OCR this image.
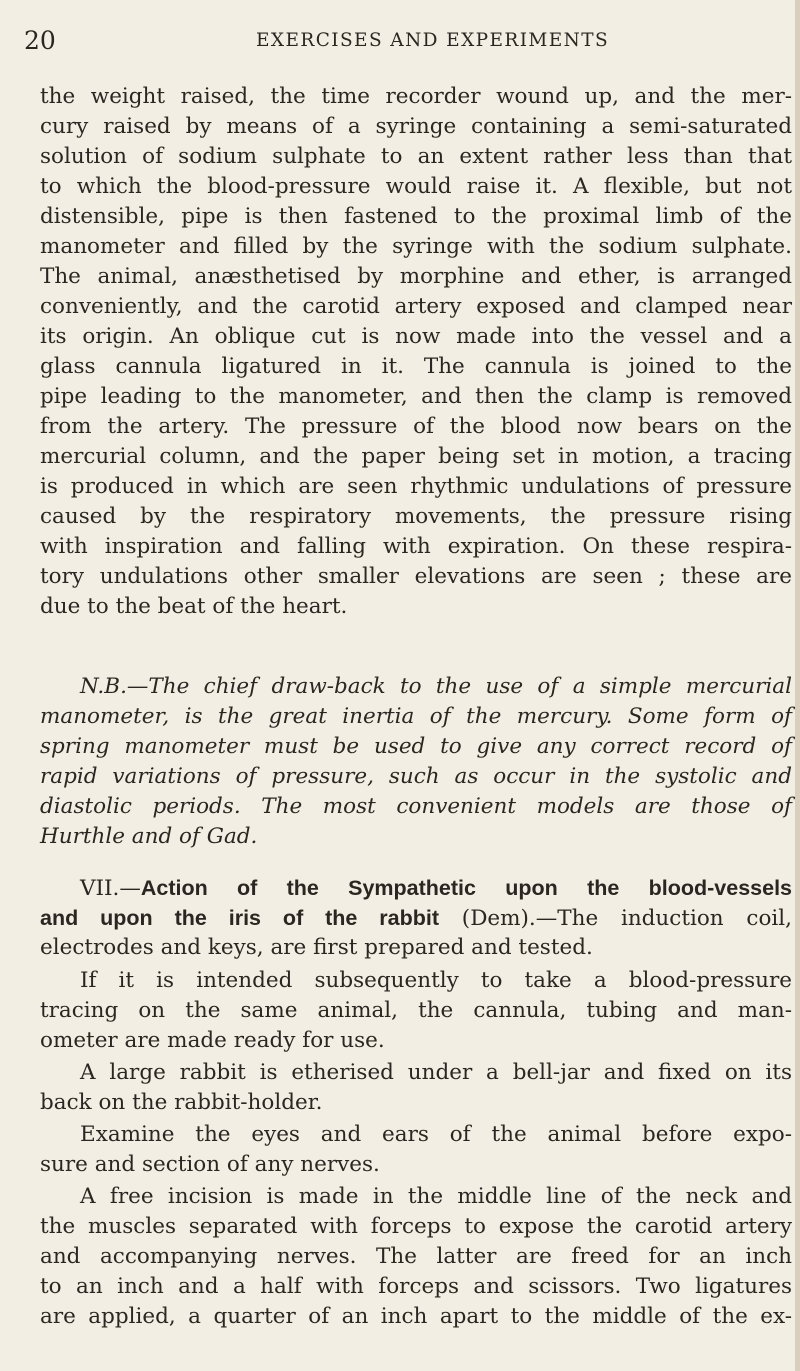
20	EXERCISES AND EXPERIMENTS
the weight raised, the time recorder wound up, and the mer-
cury raised by means of a syringe containing a semi-saturated
solution of sodium sulphate to an extent rather less than that
to which the blood-pressure would raise it. A flexible, but not
distensible, pipe is then fastened to the proximal limb of the
manometer and filled by the syringe with the sodium sulphate.
The animal, anæsthetised by morphine and ether, is arranged
conveniently, and the carotid artery exposed and clamped near
its origin. An oblique cut is now made into the vessel and a
glass cannula ligatured in it. The cannula is joined to the
pipe leading to the manometer, and then the clamp is removed
from the artery. The pressure of the blood now bears on the
mercurial column, and the paper being set in motion, a tracing
is produced in which are seen rhythmic undulations of pressure
caused by the respiratory movements, the pressure rising
with inspiration and falling with expiration. On these respira-
tory undulations other smaller elevations are seen ; these are
due to the beat of the heart.
N.B.—The chief draw-back to the use of a simple mercurial
manometer, is the great inertia of the mercury. Some form of
spring manometer must be used to give any correct record of
rapid variations of pressure, such as occur in the systolic and
diastolic periods. The most convenient models are those of
Hurthle and of Gad.
VII.—Action of the Sympathetic upon the blood-vessels
and upon the iris of the rabbit (Dem).—The induction coil,
electrodes and keys, are first prepared and tested.
If it is intended subsequently to take a blood-pressure
tracing on the same animal, the cannula, tubing and man-
ometer are made ready for use.
A large rabbit is etherised under a bell-jar and fixed on its
back on the rabbit-holder.
Examine the eyes and ears of the animal before expo-
sure and section of any nerves.
A free incision is made in the middle line of the neck and
the muscles separated with forceps to expose the carotid artery
and accompanying nerves. The latter are freed for an inch
to an inch and a half with forceps and scissors. Two ligatures
are applied, a quarter of an inch apart to the middle of the ex-
